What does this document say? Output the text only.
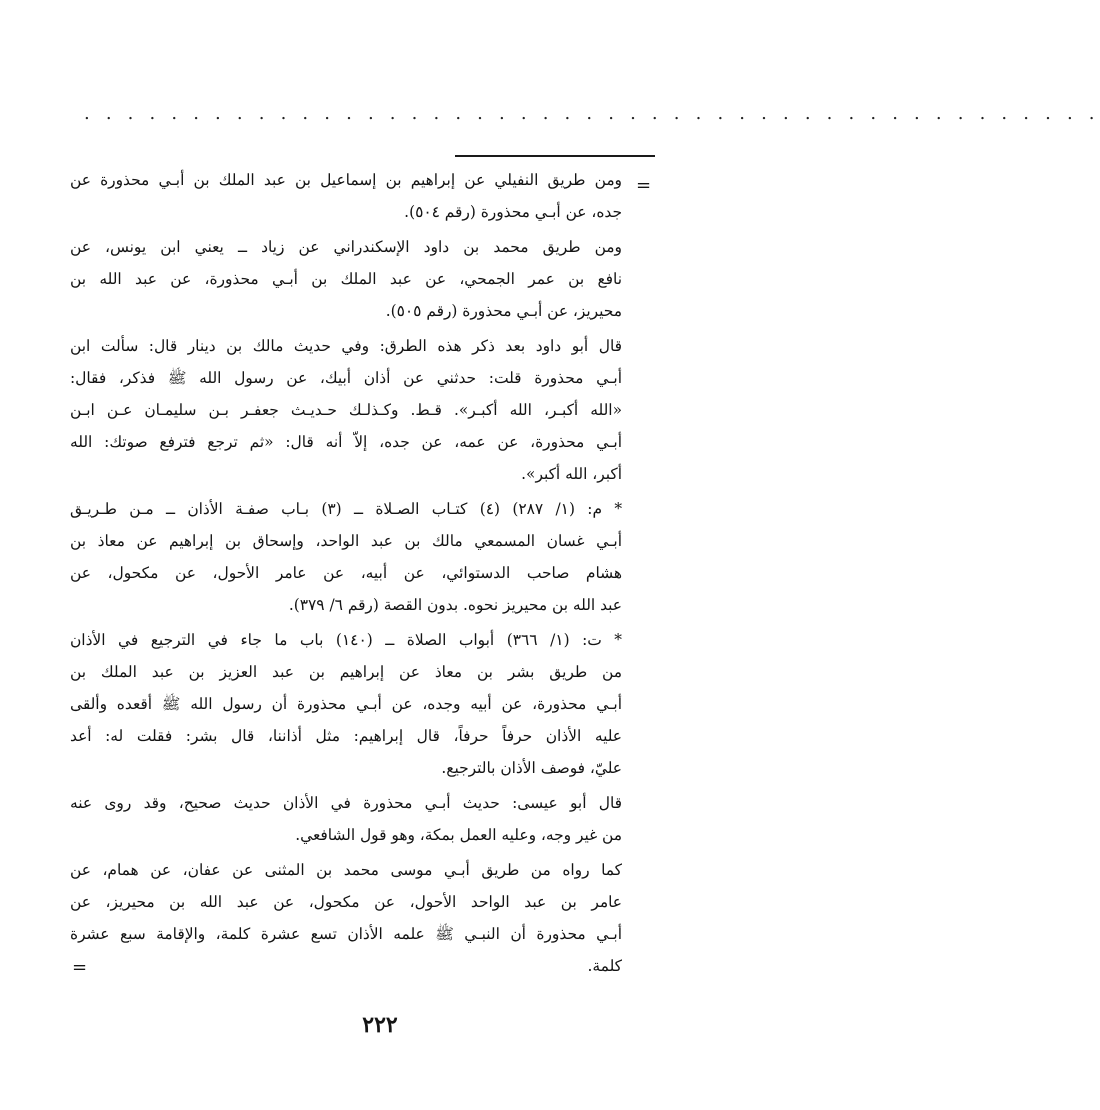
. . . . . . . . . . . . . . . . . . . . . . . . . . . . . . . . . . . . . . . . . . . . . . .
=
ومن طريق النفيلي عن إبراهيم بن إسماعيل بن عبد الملك بن أبـي محذورة عن
جده، عن أبـي محذورة (رقم ٥٠٤).
ومن طريق محمد بن داود الإسكندراني عن زياد ــ يعني ابن يونس، عن
نافع بن عمر الجمحي، عن عبد الملك بن أبـي محذورة، عن عبد الله بن
محيريز، عن أبـي محذورة (رقم ٥٠٥).
قال أبو داود بعد ذكر هذه الطرق: وفي حديث مالك بن دينار قال: سألت ابن
أبـي محذورة قلت: حدثني عن أذان أبيك، عن رسول الله ﷺ فذكر، فقال:
«الله أكبـر، الله أكبـر». قـط. وكـذلـك حـديـث جعفـر بـن سليمـان عـن ابـن
أبـي محذورة، عن عمه، عن جده، إلاّ أنه قال: «ثم ترجع فترفع صوتك: الله
أكبر، الله أكبر».
* م: (١/ ٢٨٧) (٤) كتـاب الصـلاة ــ (٣) بـاب صفـة الأذان ــ مـن طـريـق
أبـي غسان المسمعي مالك بن عبد الواحد، وإسحاق بن إبراهيم عن معاذ بن
هشام صاحب الدستوائي، عن أبيه، عن عامر الأحول، عن مكحول، عن
عبد الله بن محيريز نحوه. بدون القصة (رقم ٦/ ٣٧٩).
* ت: (١/ ٣٦٦) أبواب الصلاة ــ (١٤٠) باب ما جاء في الترجيع في الأذان
من طريق بشر بن معاذ عن إبراهيم بن عبد العزيز بن عبد الملك بن
أبـي محذورة، عن أبيه وجده، عن أبـي محذورة أن رسول الله ﷺ أقعده وألقى
عليه الأذان حرفاً حرفاً، قال إبراهيم: مثل أذاننا، قال بشر: فقلت له: أعد
عليّ، فوصف الأذان بالترجيع.
قال أبو عيسى: حديث أبـي محذورة في الأذان حديث صحيح، وقد روى عنه
من غير وجه، وعليه العمل بمكة، وهو قول الشافعي.
كما رواه من طريق أبـي موسى محمد بن المثنى عن عفان، عن همام، عن
عامر بن عبد الواحد الأحول، عن مكحول، عن عبد الله بن محيريز، عن
أبـي محذورة أن النبـي ﷺ علمه الأذان تسع عشرة كلمة، والإقامة سبع عشرة
كلمة.
=
٢٢٢
